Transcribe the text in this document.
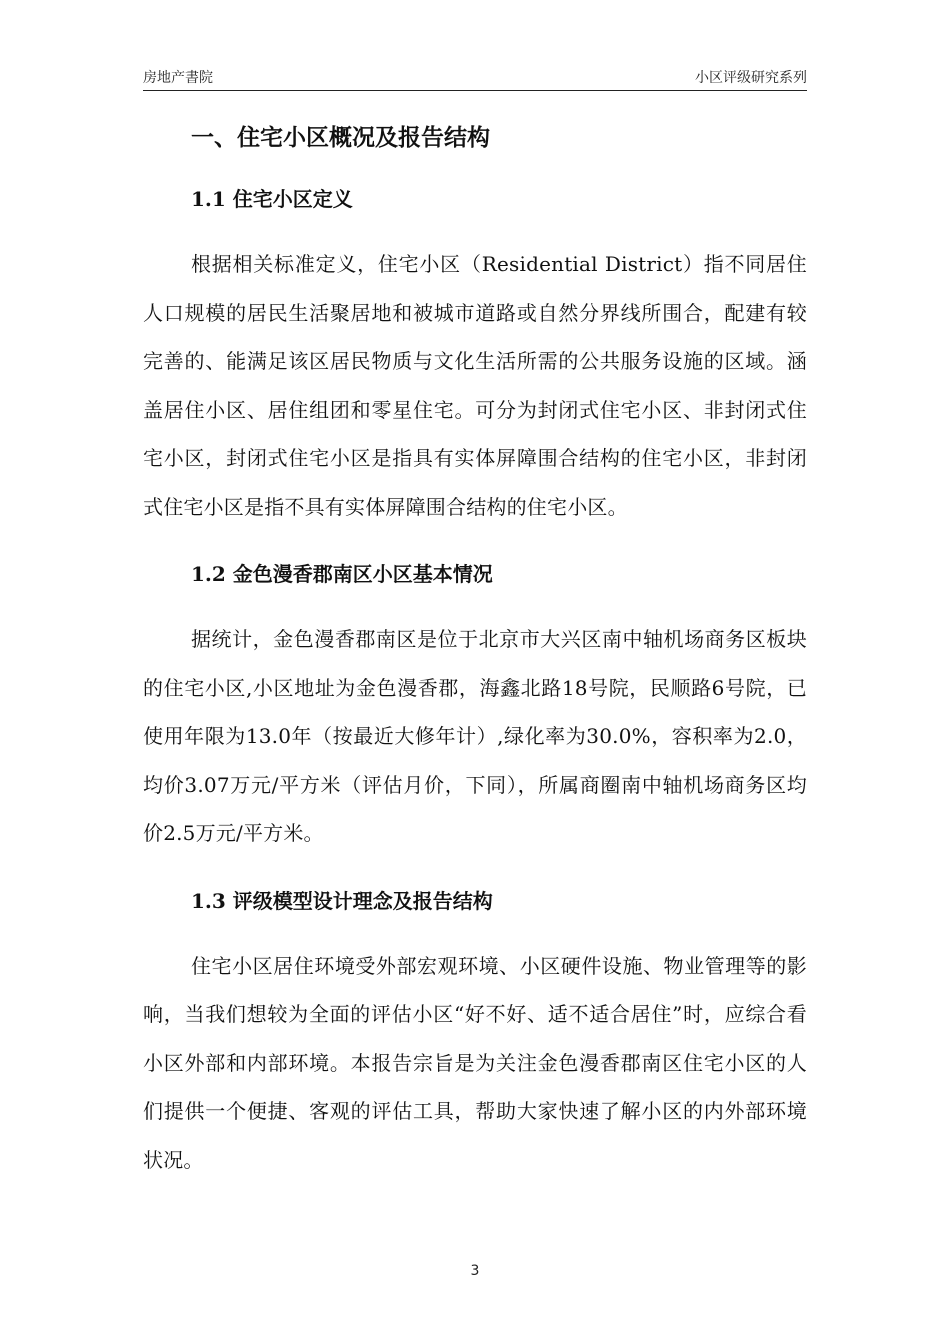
房地产書院	小区评级研究系列
一、住宅小区概况及报告结构
1.1 住宅小区定义

根据相关标准定义，住宅小区（Residential District）指不同居住人口规模的居民生活聚居地和被城市道路或自然分界线所围合，配建有较完善的、能满足该区居民物质与文化生活所需的公共服务设施的区域。涵盖居住小区、居住组团和零星住宅。可分为封闭式住宅小区、非封闭式住宅小区，封闭式住宅小区是指具有实体屏障围合结构的住宅小区，非封闭式住宅小区是指不具有实体屏障围合结构的住宅小区。

1.2 金色漫香郡南区小区基本情况

据统计，金色漫香郡南区是位于北京市大兴区南中轴机场商务区板块的住宅小区,小区地址为金色漫香郡，海鑫北路18号院，民顺路6号院，已使用年限为13.0年（按最近大修年计）,绿化率为30.0%，容积率为2.0，均价3.07万元/平方米（评估月价，下同），所属商圈南中轴机场商务区均价2.5万元/平方米。

1.3 评级模型设计理念及报告结构

住宅小区居住环境受外部宏观环境、小区硬件设施、物业管理等的影响，当我们想较为全面的评估小区“好不好、适不适合居住”时，应综合看小区外部和内部环境。本报告宗旨是为关注金色漫香郡南区住宅小区的人们提供一个便捷、客观的评估工具，帮助大家快速了解小区的内外部环境状况。

3
